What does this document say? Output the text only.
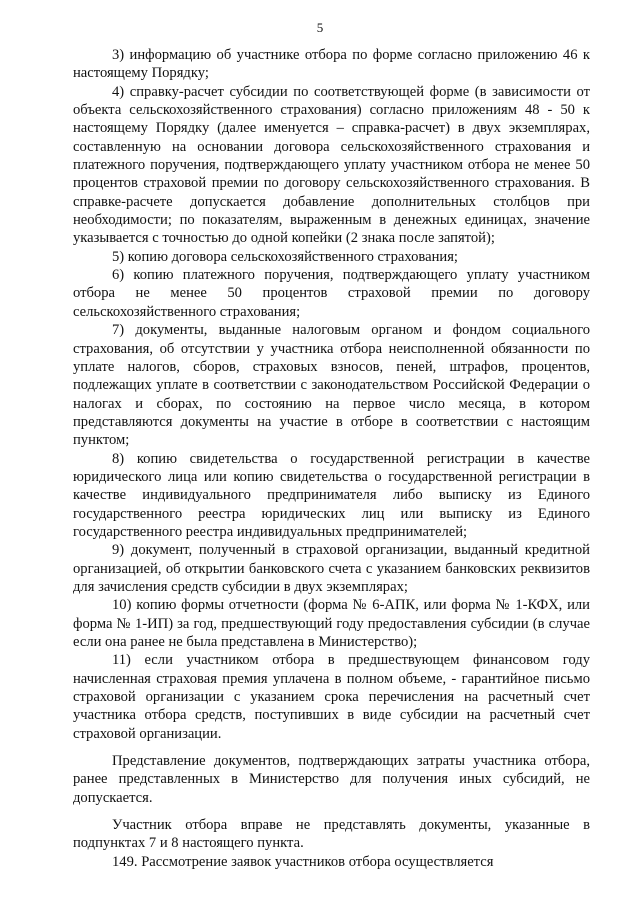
5

3) информацию об участнике отбора по форме согласно приложению 46 к настоящему Порядку;

4) справку-расчет субсидии по соответствующей форме (в зависимости от объекта сельскохозяйственного страхования) согласно приложениям 48 - 50 к настоящему Порядку (далее именуется – справка-расчет) в двух экземплярах, составленную на основании договора сельскохозяйственного страхования и платежного поручения, подтверждающего уплату участником отбора не менее 50 процентов страховой премии по договору сельскохозяйственного страхования. В справке-расчете допускается добавление дополнительных столбцов при необходимости; по показателям, выраженным в денежных единицах, значение указывается с точностью до одной копейки (2 знака после запятой);

5) копию договора сельскохозяйственного страхования;

6) копию платежного поручения, подтверждающего уплату участником отбора не менее 50 процентов страховой премии по договору сельскохозяйственного страхования;

7) документы, выданные налоговым органом и фондом социального страхования, об отсутствии у участника отбора неисполненной обязанности по уплате налогов, сборов, страховых взносов, пеней, штрафов, процентов, подлежащих уплате в соответствии с законодательством Российской Федерации о налогах и сборах, по состоянию на первое число месяца, в котором представляются документы на участие в отборе в соответствии с настоящим пунктом;

8) копию свидетельства о государственной регистрации в качестве юридического лица или копию свидетельства о государственной регистрации в качестве индивидуального предпринимателя либо выписку из Единого государственного реестра юридических лиц или выписку из Единого государственного реестра индивидуальных предпринимателей;

9) документ, полученный в страховой организации, выданный кредитной организацией, об открытии банковского счета с указанием банковских реквизитов для зачисления средств субсидии в двух экземплярах;

10) копию формы отчетности (форма № 6-АПК, или форма № 1-КФХ, или форма № 1-ИП) за год, предшествующий году предоставления субсидии (в случае если она ранее не была представлена в Министерство);

11) если участником отбора в предшествующем финансовом году начисленная страховая премия уплачена в полном объеме, - гарантийное письмо страховой организации с указанием срока перечисления на расчетный счет участника отбора средств, поступивших в виде субсидии на расчетный счет страховой организации.

Представление документов, подтверждающих затраты участника отбора, ранее представленных в Министерство для получения иных субсидий, не допускается.

Участник отбора вправе не представлять документы, указанные в подпунктах 7 и 8 настоящего пункта.

149. Рассмотрение заявок участников отбора осуществляется
